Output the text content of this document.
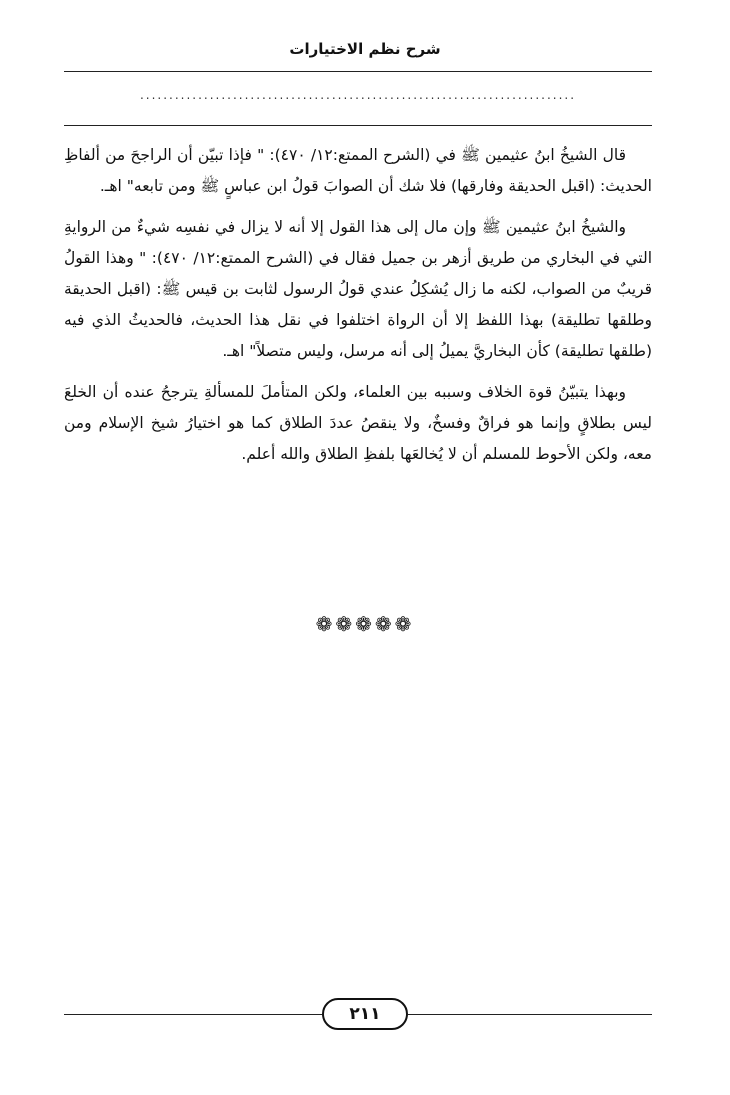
شرح نظم الاختيارات
...........................................................................

قال الشيخُ ابنُ عثيمين ﷺ في (الشرح الممتع:١٢/ ٤٧٠): " فإذا تبيّن أن الراجحَ من ألفاظِ الحديث: (اقبل الحديقة وفارقها) فلا شك أن الصوابَ قولُ ابن عباسٍ ﷺ ومن تابعه" اهـ.

والشيخُ ابنُ عثيمين ﷺ وإن مال إلى هذا القول إلا أنه لا يزال في نفسِه شيءٌ من الروايةِ التي في البخاري من طريق أزهر بن جميل فقال في (الشرح الممتع:١٢/ ٤٧٠): " وهذا القولُ قريبٌ من الصواب، لكنه ما زال يُشكِلُ عندي قولُ الرسول لثابت بن قيس ﷺ: (اقبل الحديقة وطلقها تطليقة) بهذا اللفظ إلا أن الرواة اختلفوا في نقل هذا الحديث، فالحديثُ الذي فيه (طلقها تطليقة) كأن البخاريَّ يميلُ إلى أنه مرسل، وليس متصلاً" اهـ.

وبهذا يتبيّنُ قوة الخلاف وسببه بين العلماء، ولكن المتأملَ للمسألةِ يترجحُ عنده أن الخلعَ ليس بطلاقٍ وإنما هو فراقٌ وفسخٌ، ولا ينقصُ عددَ الطلاق كما هو اختيارُ شيخ الإسلام ومن معه، ولكن الأحوط للمسلم أن لا يُخالعَها بلفظِ الطلاق والله أعلم.

❁❁❁❁❁
٢١١
